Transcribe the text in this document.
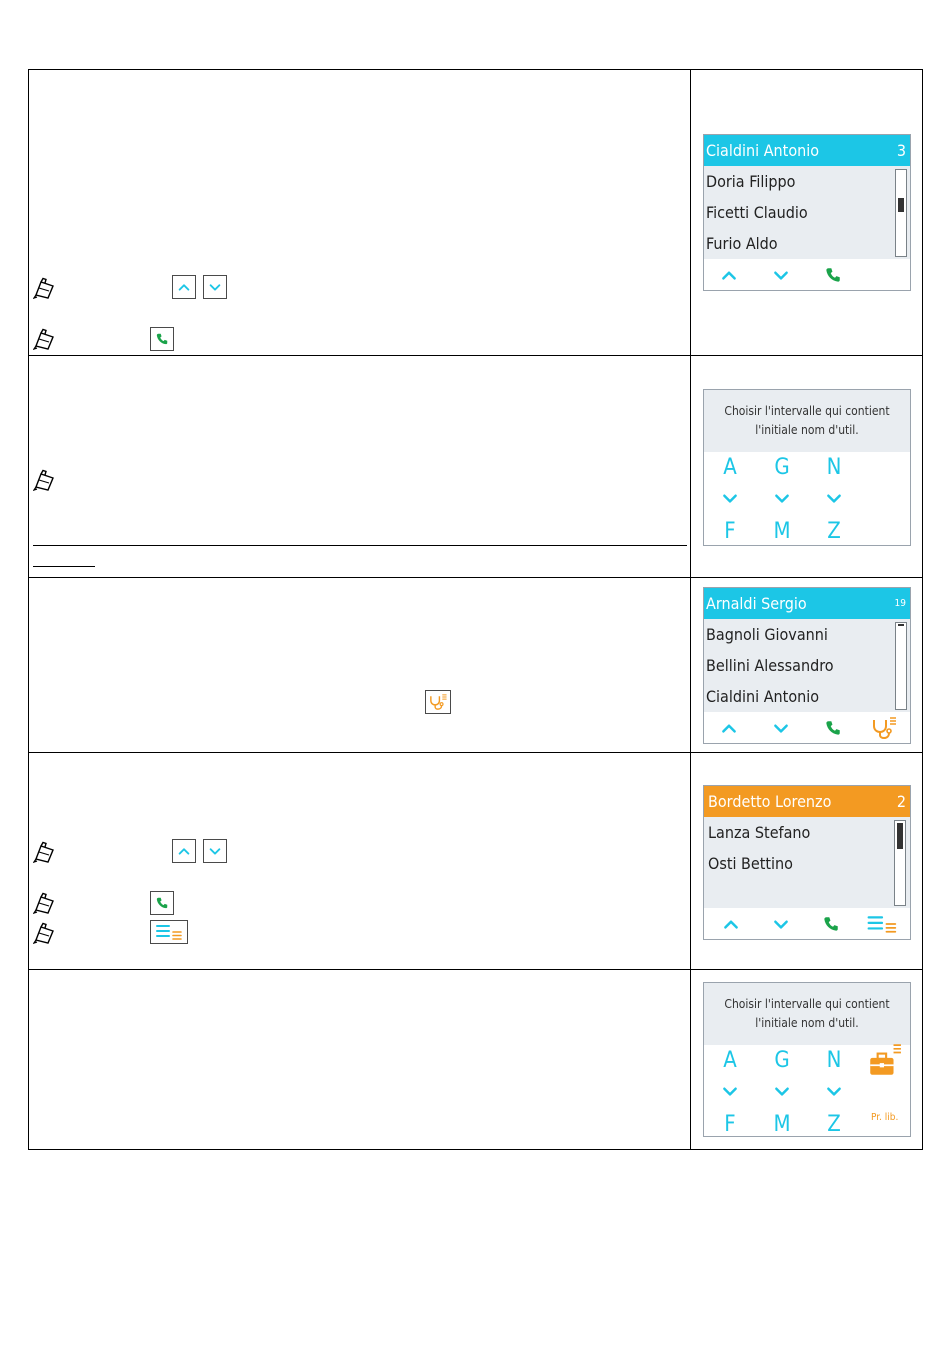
Cialdini Antonio	3
Doria Filippo
Ficetti Claudio
Furio Aldo
Choisir l'intervalle qui contient
l'initiale nom d'util.
A	G	N
F	M	Z
Arnaldi Sergio	19
Bagnoli Giovanni
Bellini Alessandro
Cialdini Antonio
Bordetto Lorenzo	2
Lanza Stefano
Osti Bettino
Choisir l'intervalle qui contient
l'initiale nom d'util.
A	G	N
F	M	Z	Pr. lib.
